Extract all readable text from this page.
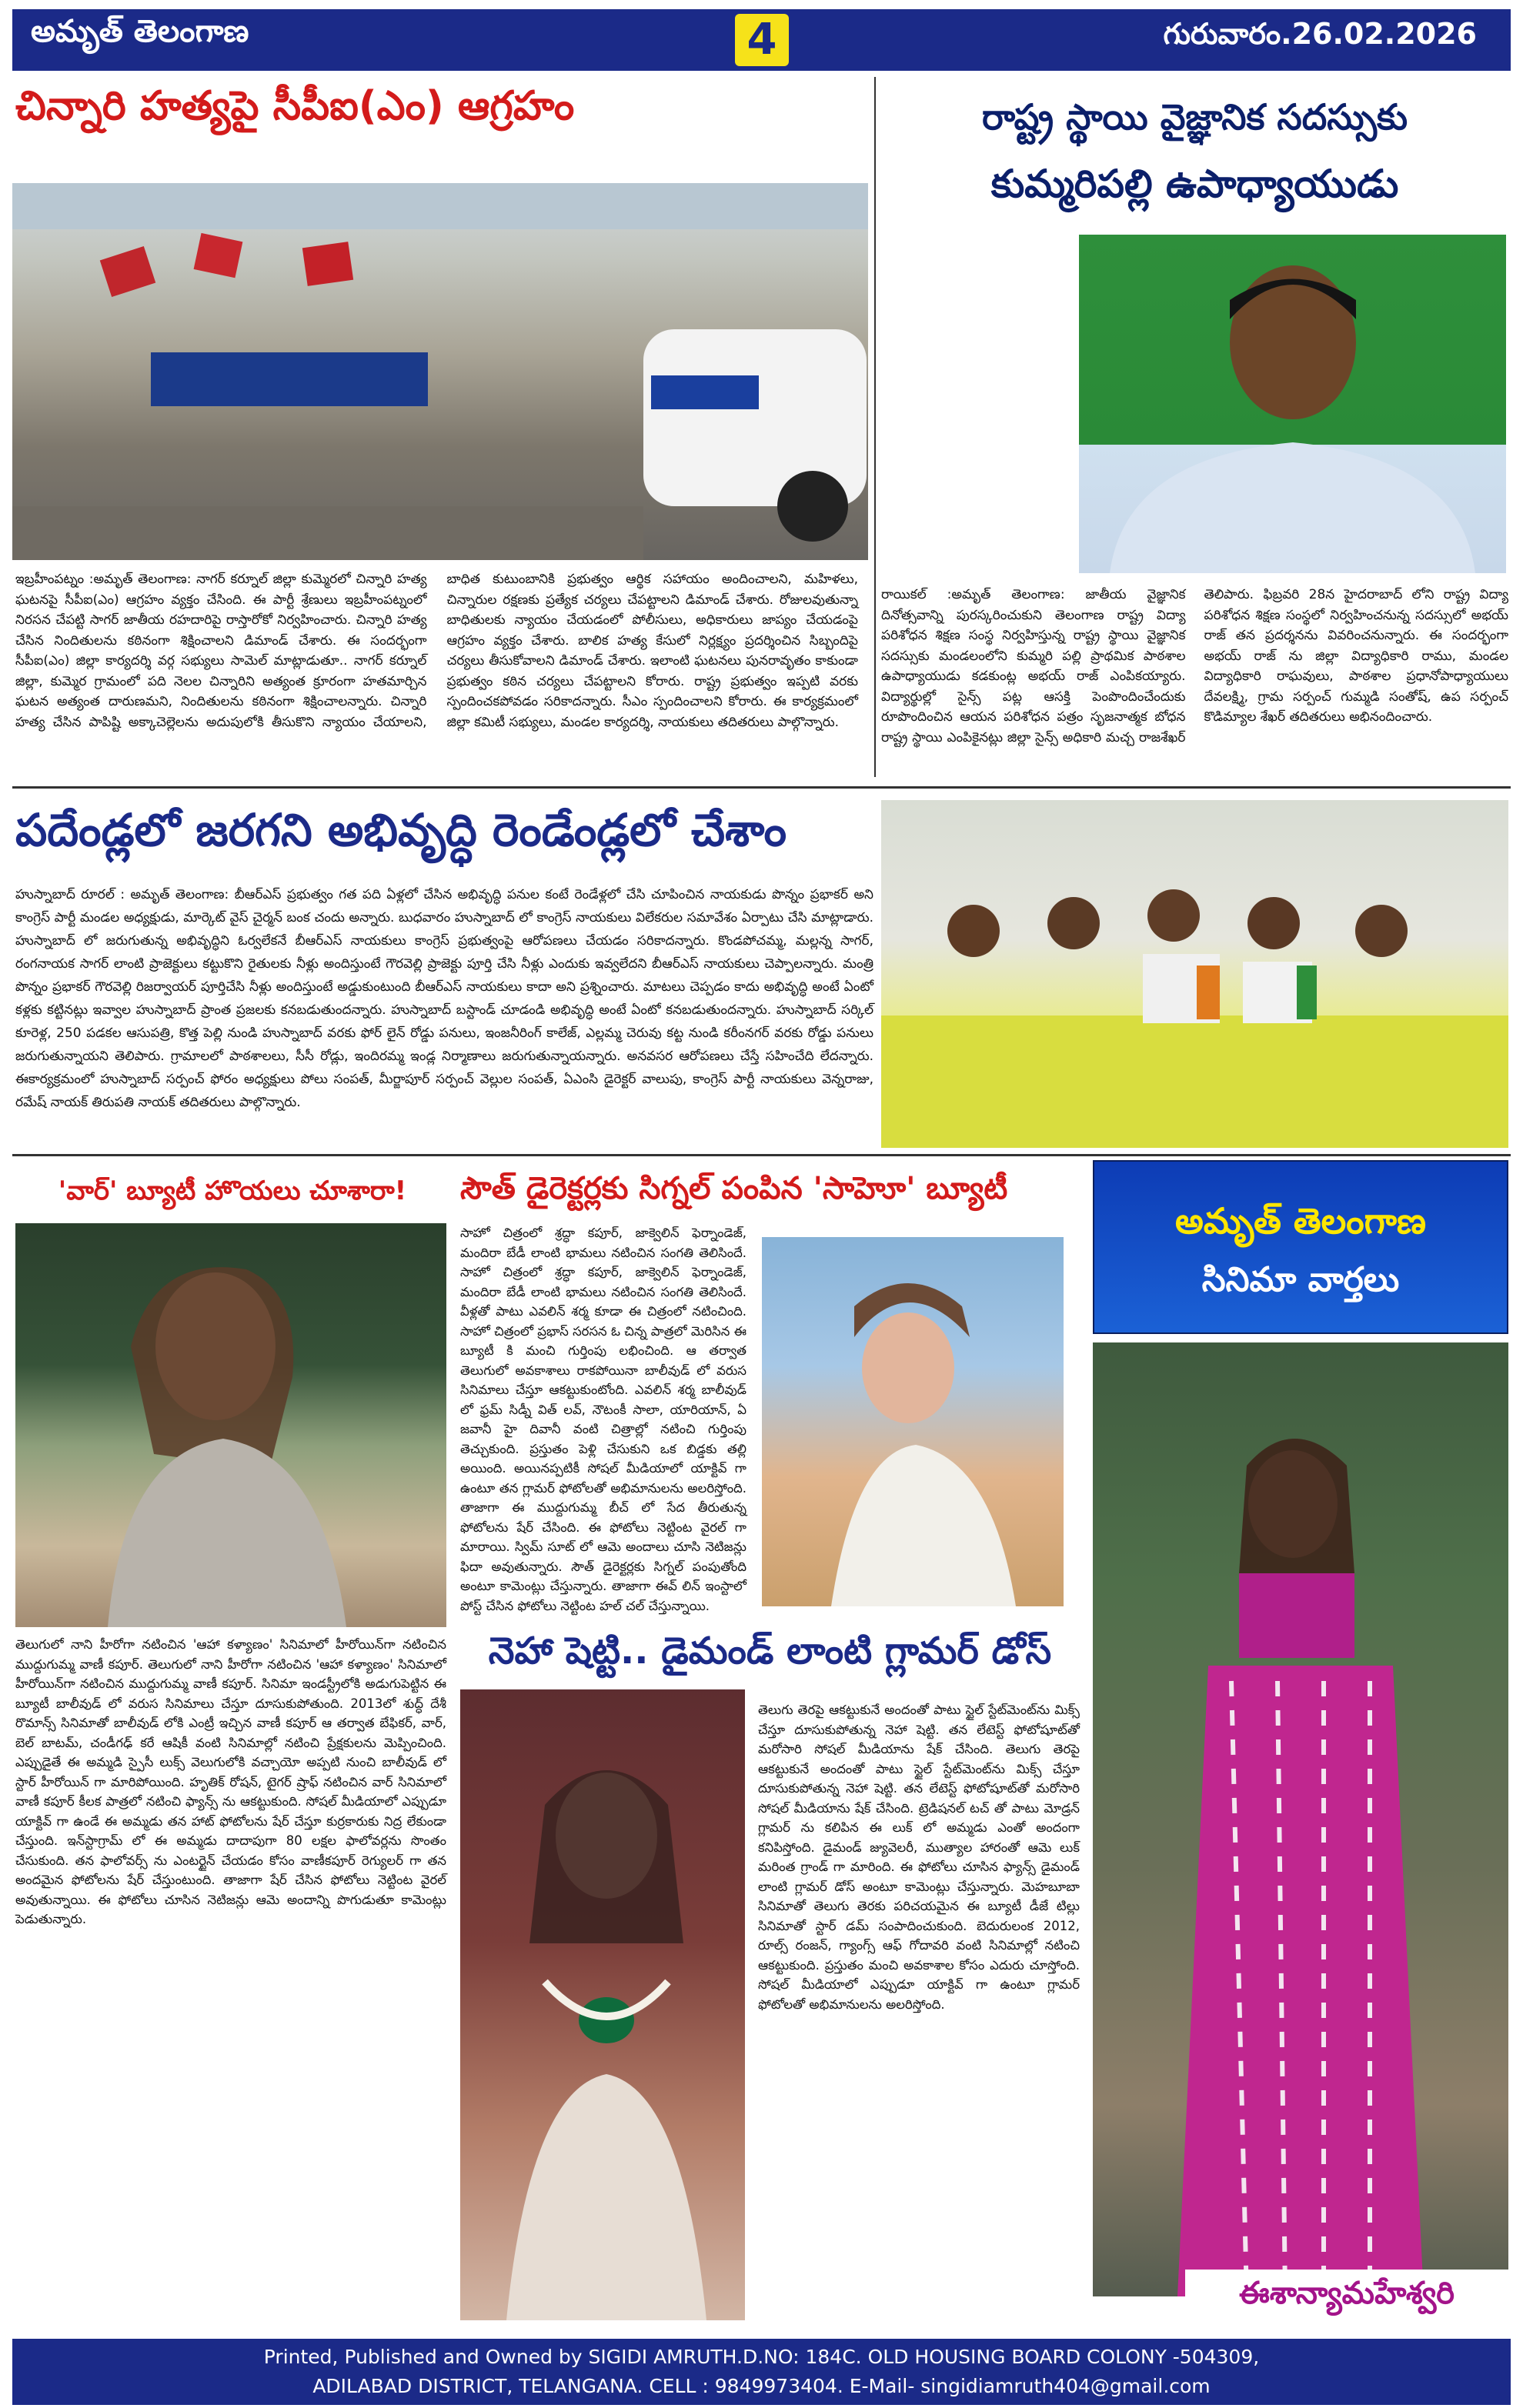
అమృత్ తెలంగాణ	4	గురువారం.26.02.2026
చిన్నారి హత్యపై సీపీఐ(ఎం) ఆగ్రహం
ఇబ్రహీంపట్నం :అమృత్ తెలంగాణ: నాగర్ కర్నూల్ జిల్లా కుమ్మెరలో చిన్నారి హత్య ఘటనపై సీపీఐ(ఎం) ఆగ్రహం వ్యక్తం చేసింది. ఈ పార్టీ శ్రేణులు ఇబ్రహీంపట్నంలో నిరసన చేపట్టి సాగర్ జాతీయ రహదారిపై రాస్తారోకో నిర్వహించారు. చిన్నారి హత్య చేసిన నిందితులను కఠినంగా శిక్షించాలని డిమాండ్ చేశారు. ఈ సందర్భంగా సీపీఐ(ఎం) జిల్లా కార్యదర్శి వర్గ సభ్యులు సామెల్ మాట్లాడుతూ.. నాగర్ కర్నూల్ జిల్లా, కుమ్మెర గ్రామంలో పది నెలల చిన్నారిని అత్యంత క్రూరంగా హతమార్చిన ఘటన అత్యంత దారుణమని, నిందితులను కఠినంగా శిక్షించాలన్నారు. చిన్నారి హత్య చేసిన పాపిష్టి అక్కాచెల్లెలను అదుపులోకి తీసుకొని న్యాయం చేయాలని, బాధిత కుటుంబానికి ప్రభుత్వం ఆర్థిక సహాయం అందించాలని, మహిళలు, చిన్నారుల రక్షణకు ప్రత్యేక చర్యలు చేపట్టాలని డిమాండ్ చేశారు. రోజులవుతున్నా బాధితులకు న్యాయం చేయడంలో పోలీసులు, అధికారులు జాప్యం చేయడంపై ఆగ్రహం వ్యక్తం చేశారు. బాలిక హత్య కేసులో నిర్లక్ష్యం ప్రదర్శించిన సిబ్బందిపై చర్యలు తీసుకోవాలని డిమాండ్ చేశారు. ఇలాంటి ఘటనలు పునరావృతం కాకుండా ప్రభుత్వం కఠిన చర్యలు చేపట్టాలని కోరారు. రాష్ట్ర ప్రభుత్వం ఇప్పటి వరకు స్పందించకపోవడం సరికాదన్నారు. సీఎం స్పందించాలని కోరారు. ఈ కార్యక్రమంలో జిల్లా కమిటీ సభ్యులు, మండల కార్యదర్శి, నాయకులు తదితరులు పాల్గొన్నారు.
రాష్ట్ర స్థాయి వైజ్ఞానిక సదస్సుకు
కుమ్మరిపల్లి ఉపాధ్యాయుడు
రాయికల్ :అమృత్ తెలంగాణ: జాతీయ వైజ్ఞానిక దినోత్సవాన్ని పురస్కరించుకుని తెలంగాణ రాష్ట్ర విద్యా పరిశోధన శిక్షణ సంస్థ నిర్వహిస్తున్న రాష్ట్ర స్థాయి వైజ్ఞానిక సదస్సుకు మండలంలోని కుమ్మరి పల్లి ప్రాథమిక పాఠశాల ఉపాధ్యాయుడు కడకుంట్ల అభయ్ రాజ్ ఎంపికయ్యారు. విద్యార్థుల్లో సైన్స్ పట్ల ఆసక్తి పెంపొందించేందుకు రూపొందించిన ఆయన పరిశోధన పత్రం సృజనాత్మక బోధన రాష్ట్ర స్థాయి ఎంపికైనట్లు జిల్లా సైన్స్ అధికారి మచ్చ రాజశేఖర్ తెలిపారు. ఫిబ్రవరి 28న హైదరాబాద్ లోని రాష్ట్ర విద్యా పరిశోధన శిక్షణ సంస్థలో నిర్వహించనున్న సదస్సులో అభయ్ రాజ్ తన ప్రదర్శనను వివరించనున్నారు. ఈ సందర్భంగా అభయ్ రాజ్ ను జిల్లా విద్యాధికారి రాము, మండల విద్యాధికారి రాఘవులు, పాఠశాల ప్రధానోపాధ్యాయులు దేవలక్ష్మి, గ్రామ సర్పంచ్ గుమ్మడి సంతోష్, ఉప సర్పంచ్ కొడిమ్యాల శేఖర్ తదితరులు అభినందించారు.
పదేండ్లలో జరగని అభివృద్ధి రెండేండ్లలో చేశాం
హుస్నాబాద్ రూరల్ : అమృత్ తెలంగాణ: బీఆర్ఎస్ ప్రభుత్వం గత పది ఏళ్లలో చేసిన అభివృద్ధి పనుల కంటే రెండేళ్లలో చేసి చూపించిన నాయకుడు పొన్నం ప్రభాకర్ అని కాంగ్రెస్ పార్టీ మండల అధ్యక్షుడు, మార్కెట్ వైస్ చైర్మన్ బంక చందు అన్నారు. బుధవారం హుస్నాబాద్ లో కాంగ్రెస్ నాయకులు విలేకరుల సమావేశం ఏర్పాటు చేసి మాట్లాడారు. హుస్నాబాద్ లో జరుగుతున్న అభివృద్ధిని ఓర్వలేకనే బీఆర్ఎస్ నాయకులు కాంగ్రెస్ ప్రభుత్వంపై ఆరోపణలు చేయడం సరికాదన్నారు. కొండపోచమ్మ, మల్లన్న సాగర్, రంగనాయక సాగర్ లాంటి ప్రాజెక్టులు కట్టుకొని రైతులకు నీళ్లు అందిస్తుంటే గౌరవెల్లి ప్రాజెక్టు పూర్తి చేసి నీళ్లు ఎందుకు ఇవ్వలేదని బీఆర్ఎస్ నాయకులు చెప్పాలన్నారు. మంత్రి పొన్నం ప్రభాకర్ గౌరవెల్లి రిజర్వాయర్ పూర్తిచేసి నీళ్లు అందిస్తుంటే అడ్డుకుంటుంది బీఆర్ఎస్ నాయకులు కాదా అని ప్రశ్నించారు. మాటలు చెప్పడం కాదు అభివృద్ధి అంటే ఏంటో కళ్లకు కట్టినట్లు ఇవ్వాల హుస్నాబాద్ ప్రాంత ప్రజలకు కనబడుతుందన్నారు. హుస్నాబాద్ బస్టాండ్ చూడండి అభివృద్ధి అంటే ఏంటో కనబడుతుందన్నారు. హుస్నాబాద్ సర్కిల్ కూరెళ్ల, 250 పడకల ఆసుపత్రి, కొత్త పెల్లి నుండి హుస్నాబాద్ వరకు ఫోర్ లైన్ రోడ్డు పనులు, ఇంజనీరింగ్ కాలేజ్, ఎల్లమ్మ చెరువు కట్ట నుండి కరీంనగర్ వరకు రోడ్డు పనులు జరుగుతున్నాయని తెలిపారు. గ్రామాలలో పాఠశాలలు, సీసీ రోడ్లు, ఇందిరమ్మ ఇండ్ల నిర్మాణాలు జరుగుతున్నాయన్నారు. అనవసర ఆరోపణలు చేస్తే సహించేది లేదన్నారు. ఈకార్యక్రమంలో హుస్నాబాద్ సర్పంచ్ ఫోరం అధ్యక్షులు పోలు సంపత్, మీర్జాపూర్ సర్పంచ్ వెల్లుల సంపత్, ఏఎంసి డైరెక్టర్ వాలుపు, కాంగ్రెస్ పార్టీ నాయకులు వెన్నరాజు, రమేష్ నాయక్ తిరుపతి నాయక్ తదితరులు పాల్గొన్నారు.
'వార్' బ్యూటీ హొయలు చూశారా!
తెలుగులో నాని హీరోగా నటించిన 'ఆహా కళ్యాణం' సినిమాలో హీరోయిన్‌గా నటించిన ముద్దుగుమ్మ వాణీ కపూర్. తెలుగులో నాని హీరోగా నటించిన 'ఆహా కళ్యాణం' సినిమాలో హీరోయిన్‌గా నటించిన ముద్దుగుమ్మ వాణీ కపూర్. సినిమా ఇండస్ట్రీలోకి అడుగుపెట్టిన ఈ బ్యూటీ బాలీవుడ్ లో వరుస సినిమాలు చేస్తూ దూసుకుపోతుంది. 2013లో శుద్ధ్ దేశీ రొమాన్స్ సినిమాతో బాలీవుడ్ లోకి ఎంట్రీ ఇచ్చిన వాణీ కపూర్ ఆ తర్వాత బేఫికర్, వార్, బెల్ బాటమ్, చండీగఢ్ కరే ఆషికీ వంటి సినిమాల్లో నటించి ప్రేక్షకులను మెప్పించింది. ఎప్పుడైతే ఈ అమ్మడి స్పైసీ లుక్స్ వెలుగులోకి వచ్చాయో అప్పటి నుంచి బాలీవుడ్ లో స్టార్ హీరోయిన్ గా మారిపోయింది. హృతిక్ రోషన్, టైగర్ ష్రాఫ్ నటించిన వార్ సినిమాలో వాణీ కపూర్ కీలక పాత్రలో నటించి ఫ్యాన్స్ ను ఆకట్టుకుంది. సోషల్ మీడియాలో ఎప్పుడూ యాక్టివ్ గా ఉండే ఈ అమ్మడు తన హాట్ ఫోటోలను షేర్ చేస్తూ కుర్రకారుకు నిద్ర లేకుండా చేస్తుంది. ఇన్‌స్టాగ్రామ్ లో ఈ అమ్మడు దాదాపుగా 80 లక్షల ఫాలోవర్లను సొంతం చేసుకుంది. తన ఫాలోవర్స్ ను ఎంటర్టైన్ చేయడం కోసం వాణీకపూర్ రెగ్యులర్ గా తన అందమైన ఫోటోలను షేర్ చేస్తుంటుంది. తాజాగా షేర్ చేసిన ఫోటోలు నెట్టింట వైరల్ అవుతున్నాయి. ఈ ఫోటోలు చూసిన నెటిజన్లు ఆమె అందాన్ని పొగుడుతూ కామెంట్లు పెడుతున్నారు.
సౌత్ డైరెక్టర్లకు సిగ్నల్ పంపిన 'సాహెూ' బ్యూటీ
సాహో చిత్రంలో శ్రద్ధా కపూర్, జాక్వెలిన్ ఫెర్నాండెజ్, మందిరా బేడీ లాంటి భామలు నటించిన సంగతి తెలిసిందే. సాహో చిత్రంలో శ్రద్ధా కపూర్, జాక్వెలిన్ ఫెర్నాండెజ్, మందిరా బేడీ లాంటి భామలు నటించిన సంగతి తెలిసిందే. వీళ్లతో పాటు ఎవలిన్ శర్మ కూడా ఈ చిత్రంలో నటించింది. సాహో చిత్రంలో ప్రభాస్ సరసన ఓ చిన్న పాత్రలో మెరిసిన ఈ బ్యూటీ కి మంచి గుర్తింపు లభించింది. ఆ తర్వాత తెలుగులో అవకాశాలు రాకపోయినా బాలీవుడ్ లో వరుస సినిమాలు చేస్తూ ఆకట్టుకుంటోంది. ఎవలిన్ శర్మ బాలీవుడ్ లో ఫ్రమ్ సిడ్నీ విత్ లవ్, నౌటంకీ సాలా, యారియాన్, ఏ జవానీ హై దివానీ వంటి చిత్రాల్లో నటించి గుర్తింపు తెచ్చుకుంది. ప్రస్తుతం పెళ్లి చేసుకుని ఒక బిడ్డకు తల్లి అయింది. అయినప్పటికీ సోషల్ మీడియాలో యాక్టివ్ గా ఉంటూ తన గ్లామర్ ఫోటోలతో అభిమానులను అలరిస్తోంది. తాజాగా ఈ ముద్దుగుమ్మ బీచ్ లో సేద తీరుతున్న ఫోటోలను షేర్ చేసింది. ఈ ఫోటోలు నెట్టింట వైరల్ గా మారాయి. స్విమ్ సూట్ లో ఆమె అందాలు చూసి నెటిజన్లు ఫిదా అవుతున్నారు. సౌత్ డైరెక్టర్లకు సిగ్నల్ పంపుతోంది అంటూ కామెంట్లు చేస్తున్నారు. తాజాగా ఈవ్ లిన్ ఇంస్టాలో పోస్ట్ చేసిన ఫోటోలు నెట్టింట హల్ చల్ చేస్తున్నాయి.
అమృత్ తెలంగాణ
సినిమా వార్తలు
ఈశాన్యామహేశ్వరి
నెహా షెట్టి.. డైమండ్ లాంటి గ్లామర్ డోస్
తెలుగు తెరపై ఆకట్టుకునే అందంతో పాటు స్టైల్ స్టేట్‌మెంట్‌ను మిక్స్ చేస్తూ దూసుకుపోతున్న నెహా షెట్టి. తన లేటెస్ట్ ఫోటోషూట్‌తో మరోసారి సోషల్ మీడియాను షేక్ చేసింది. తెలుగు తెరపై ఆకట్టుకునే అందంతో పాటు స్టైల్ స్టేట్‌మెంట్‌ను మిక్స్ చేస్తూ దూసుకుపోతున్న నెహా షెట్టి. తన లేటెస్ట్ ఫోటోషూట్‌తో మరోసారి సోషల్ మీడియాను షేక్ చేసింది. ట్రెడిషనల్ టచ్ తో పాటు మోడ్రన్ గ్లామర్ ను కలిపిన ఈ లుక్ లో అమ్మడు ఎంతో అందంగా కనిపిస్తోంది. డైమండ్ జ్యువెలరీ, ముత్యాల హారంతో ఆమె లుక్ మరింత గ్రాండ్ గా మారింది. ఈ ఫోటోలు చూసిన ఫ్యాన్స్ డైమండ్ లాంటి గ్లామర్ డోస్ అంటూ కామెంట్లు చేస్తున్నారు. మెహబూబా సినిమాతో తెలుగు తెరకు పరిచయమైన ఈ బ్యూటీ డీజే టిల్లు సినిమాతో స్టార్ డమ్ సంపాదించుకుంది. బెదురులంక 2012, రూల్స్ రంజన్, గ్యాంగ్స్ ఆఫ్ గోదావరి వంటి సినిమాల్లో నటించి ఆకట్టుకుంది. ప్రస్తుతం మంచి అవకాశాల కోసం ఎదురు చూస్తోంది. సోషల్ మీడియాలో ఎప్పుడూ యాక్టివ్ గా ఉంటూ గ్లామర్ ఫోటోలతో అభిమానులను అలరిస్తోంది.
Printed, Published and Owned by SIGIDI AMRUTH.D.NO: 184C. OLD HOUSING BOARD COLONY -504309,
ADILABAD DISTRICT, TELANGANA. CELL : 9849973404. E-Mail- singidiamruth404@gmail.com
